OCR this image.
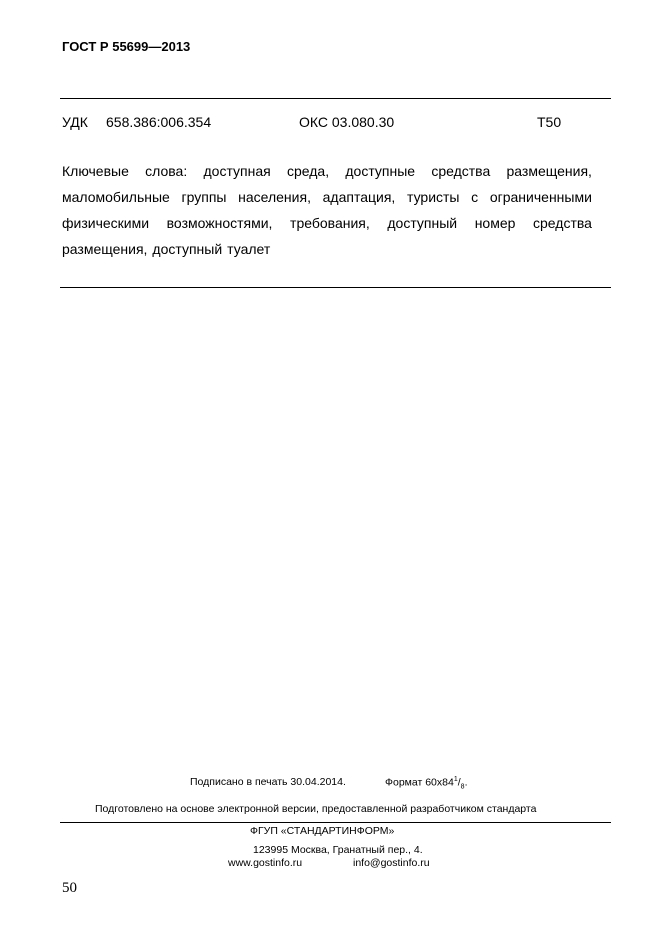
ГОСТ Р 55699—2013
УДК 658.386:006.354	ОКС 03.080.30	Т50
Ключевые слова: доступная среда, доступные средства размещения,
маломобильные группы населения, адаптация, туристы с ограниченными
физическими возможностями, требования, доступный номер средства
размещения, доступный туалет
Подписано в печать 30.04.2014.	Формат $60x84^1/_8$.
Подготовлено на основе электронной версии, предоставленной разработчиком стандарта
ФГУП «СТАНДАРТИНФОРМ»
123995 Москва, Гранатный пер., 4.
www.gostinfo.ru	info@gostinfo.ru
50
